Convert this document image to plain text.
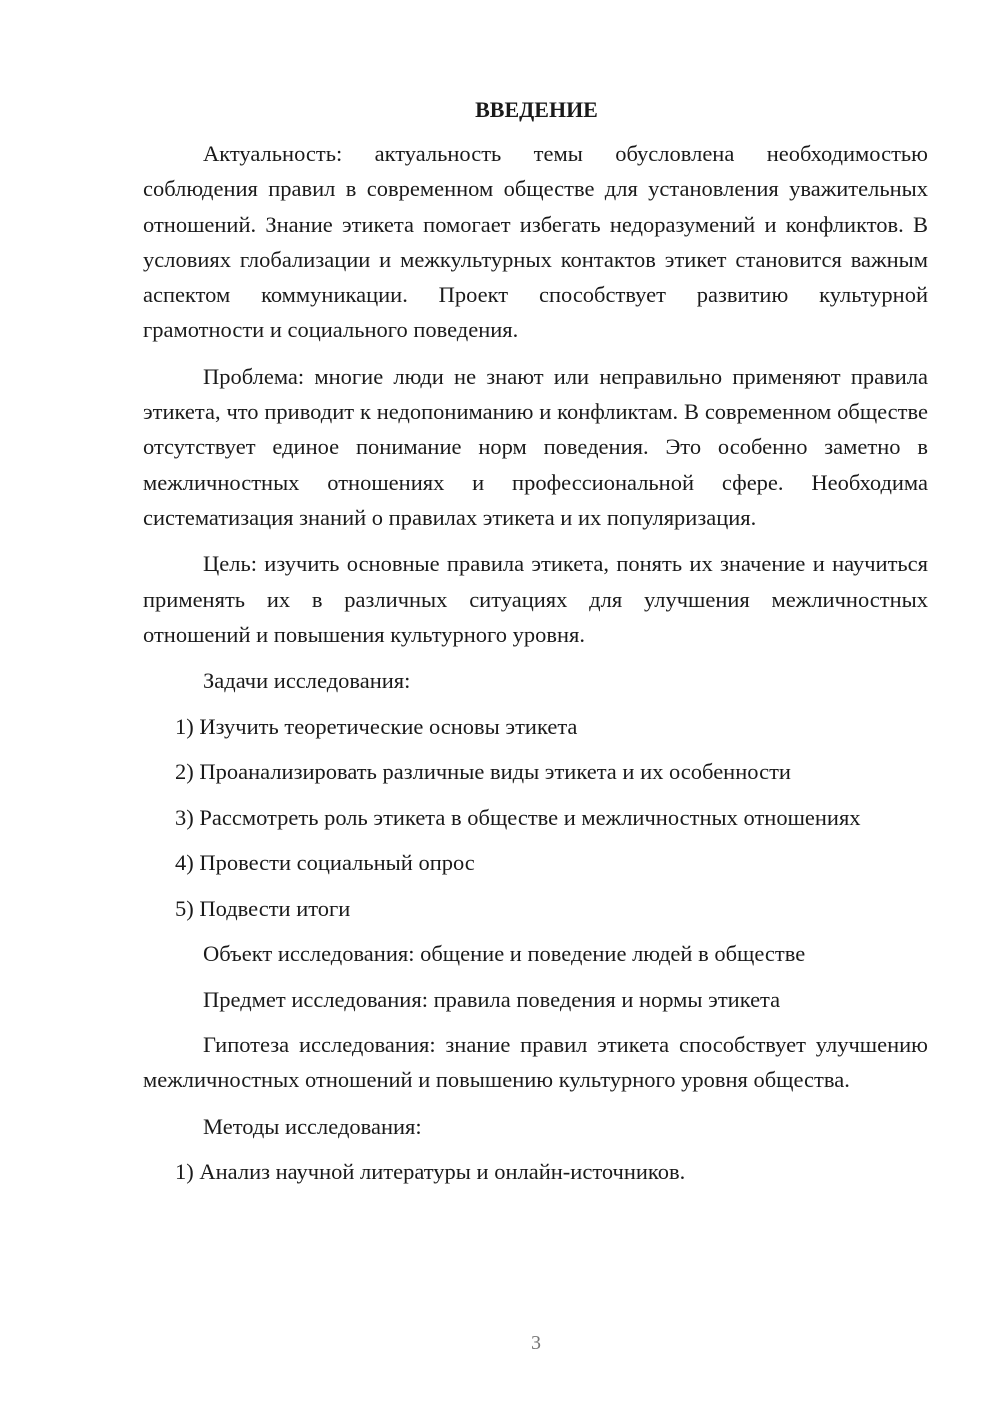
ВВЕДЕНИЕ

Актуальность: актуальность темы обусловлена необходимостью соблюдения правил в современном обществе для установления уважительных отношений. Знание этикета помогает избегать недоразумений и конфликтов. В условиях глобализации и межкультурных контактов этикет становится важным аспектом коммуникации. Проект способствует развитию культурной грамотности и социального поведения.

Проблема: многие люди не знают или неправильно применяют правила этикета, что приводит к недопониманию и конфликтам. В современном обществе отсутствует единое понимание норм поведения. Это особенно заметно в межличностных отношениях и профессиональной сфере. Необходима систематизация знаний о правилах этикета и их популяризация.

Цель: изучить основные правила этикета, понять их значение и научиться применять их в различных ситуациях для улучшения межличностных отношений и повышения культурного уровня.

Задачи исследования:
1) Изучить теоретические основы этикета
2) Проанализировать различные виды этикета и их особенности
3) Рассмотреть роль этикета в обществе и межличностных отношениях
4) Провести социальный опрос
5) Подвести итоги
Объект исследования: общение и поведение людей в обществе
Предмет исследования: правила поведения и нормы этикета

Гипотеза исследования: знание правил этикета способствует улучшению межличностных отношений и повышению культурного уровня общества.

Методы исследования:
1) Анализ научной литературы и онлайн-источников.
3
